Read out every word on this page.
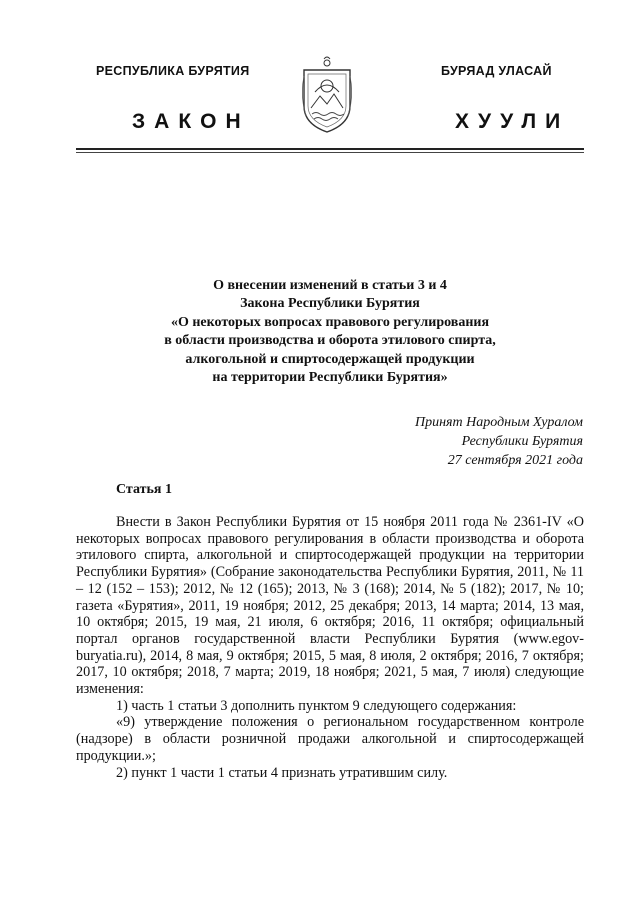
РЕСПУБЛИКА БУРЯТИЯ	БУРЯАД УЛАСАЙ
ЗАКОН	ХУУЛИ
О внесении изменений в статьи 3 и 4
Закона Республики Бурятия
«О некоторых вопросах правового регулирования
в области производства и оборота этилового спирта,
алкогольной и спиртосодержащей продукции
на территории Республики Бурятия»
Принят Народным Хуралом
Республики Бурятия
27 сентября 2021 года
Статья 1

Внести в Закон Республики Бурятия от 15 ноября 2011 года № 2361-IV «О некоторых вопросах правового регулирования в области производства и оборота этилового спирта, алкогольной и спиртосодержащей продукции на территории Республики Бурятия» (Собрание законодательства Республики Бурятия, 2011, № 11 – 12 (152 – 153); 2012, № 12 (165); 2013, № 3 (168); 2014, № 5 (182); 2017, № 10; газета «Бурятия», 2011, 19 ноября; 2012, 25 декабря; 2013, 14 марта; 2014, 13 мая, 10 октября; 2015, 19 мая, 21 июля, 6 октября; 2016, 11 октября; официальный портал органов государственной власти Республики Бурятия (www.egov-buryatia.ru), 2014, 8 мая, 9 октября; 2015, 5 мая, 8 июля, 2 октября; 2016, 7 октября; 2017, 10 октября; 2018, 7 марта; 2019, 18 ноября; 2021, 5 мая, 7 июля) следующие изменения:

1) часть 1 статьи 3 дополнить пунктом 9 следующего содержания:

«9) утверждение положения о региональном государственном контроле (надзоре) в области розничной продажи алкогольной и спиртосодержащей продукции.»;

2) пункт 1 части 1 статьи 4 признать утратившим силу.
